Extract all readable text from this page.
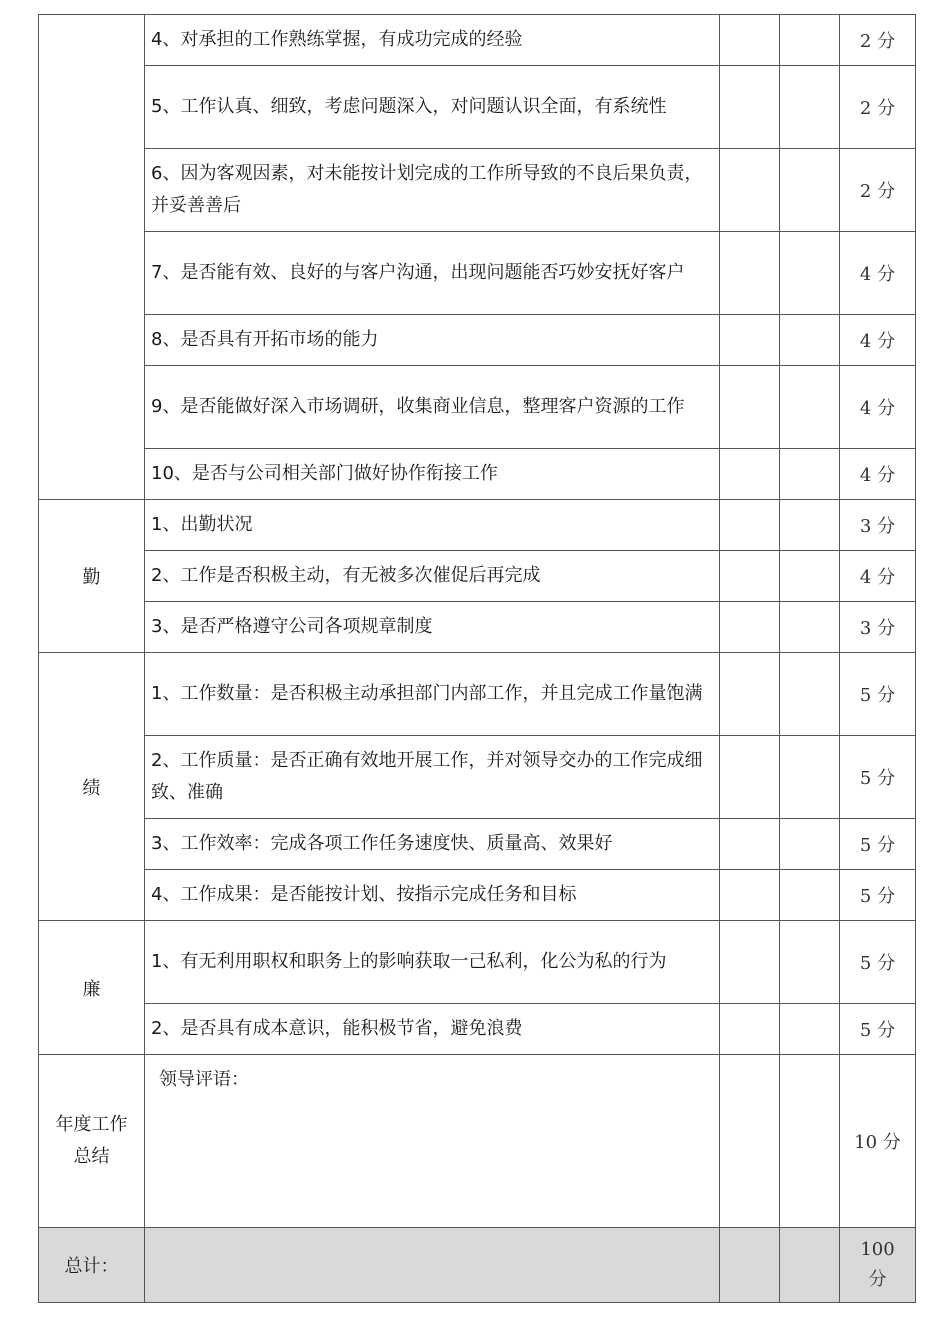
	4、对承担的工作熟练掌握，有成功完成的经验			2 分
	5、工作认真、细致，考虑问题深入，对问题认识全面，有系统性			2 分
	6、因为客观因素，对未能按计划完成的工作所导致的不良后果负责，并妥善善后			2 分
	7、是否能有效、良好的与客户沟通，出现问题能否巧妙安抚好客户			4 分
	8、是否具有开拓市场的能力			4 分
	9、是否能做好深入市场调研，收集商业信息，整理客户资源的工作			4 分
	10、是否与公司相关部门做好协作衔接工作			4 分
勤	1、出勤状况			3 分
	2、工作是否积极主动，有无被多次催促后再完成			4 分
	3、是否严格遵守公司各项规章制度			3 分
绩	1、工作数量：是否积极主动承担部门内部工作，并且完成工作量饱满			5 分
	2、工作质量：是否正确有效地开展工作，并对领导交办的工作完成细致、准确			5 分
	3、工作效率：完成各项工作任务速度快、质量高、效果好			5 分
	4、工作成果：是否能按计划、按指示完成任务和目标			5 分
廉	1、有无利用职权和职务上的影响获取一己私利，化公为私的行为			5 分
	2、是否具有成本意识，能积极节省，避免浪费			5 分
年度工作总结	领导评语：			10 分
总计：				100 分
